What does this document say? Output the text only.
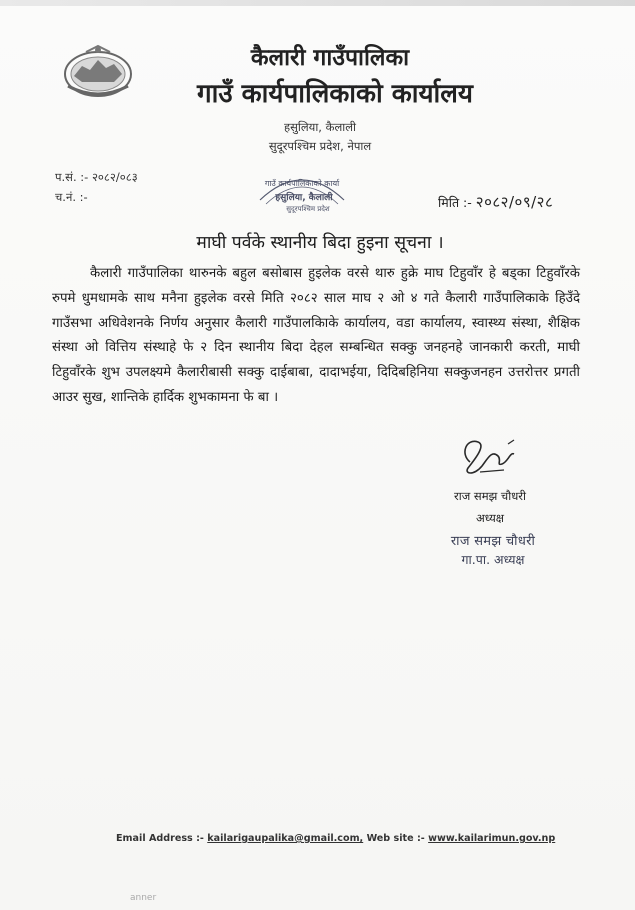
कैलारी गाउँपालिका
गाउँ कार्यपालिकाको कार्यालय
हसुलिया, कैलाली
सुदूरपश्चिम प्रदेश, नेपाल
प.सं. :- २०८२/०८३
च.नं. :-
गाउँ कार्यपालिकाको कार्या
हसुलिया, कैलाली
सुदूरपश्चिम प्रदेश	मिति :- २०८२/०९/२८
माघी पर्वके स्थानीय बिदा हुइना सूचना ।
कैलारी गाउँपालिका थारुनके बहुल बसोबास हुइलेक वरसे थारु हुक्रे माघ टिहुवाँर हे बड्का टिहुवाँरके रुपमे धुमधामके साथ मनैना हुइलेक वरसे मिति २०८२ साल माघ २ ओ ४ गते कैलारी गाउँपालिकाके हिउँदे गाउँसभा अधिवेशनके निर्णय अनुसार कैलारी गाउँपालकिाके कार्यालय, वडा कार्यालय, स्वास्थ्य संस्था, शैक्षिक संस्था ओ वित्तिय संस्थाहे फे २ दिन स्थानीय बिदा देहल सम्बन्धित सक्कु जनहनहे जानकारी करती, माघी टिहुवाँरके शुभ उपलक्ष्यमे कैलारीबासी सक्कु दाईबाबा, दादाभईया, दिदिबहिनिया सक्कुजनहन उत्तरोत्तर प्रगती आउर सुख, शान्तिके हार्दिक शुभकामना फे बा ।
राज समझ चौधरी
अध्यक्ष
राज समझ चौधरी
गा.पा. अध्यक्ष
Email Address :- kailarigaupalika@gmail.com, Web site :- www.kailarimun.gov.np
anner
